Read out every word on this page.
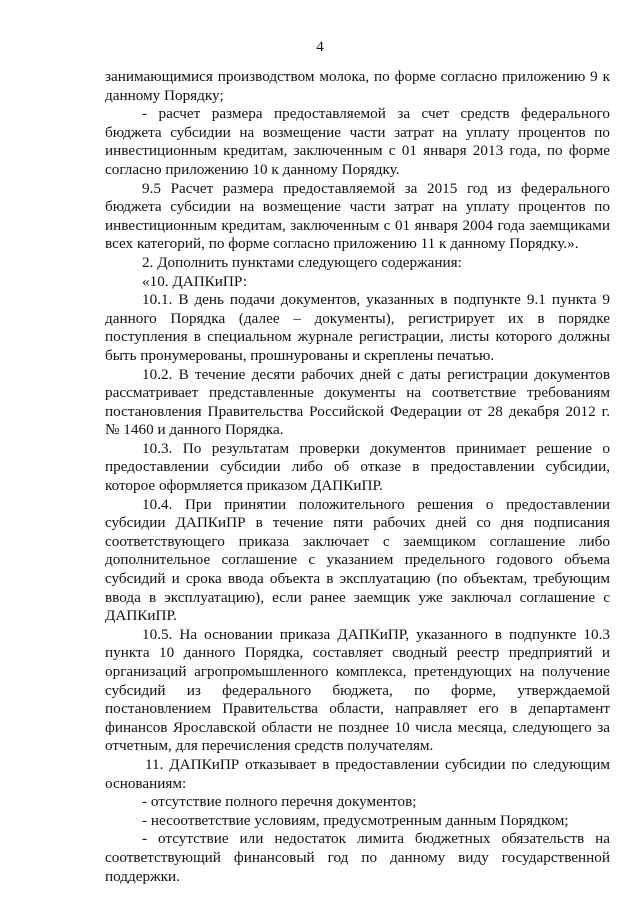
4

занимающимися производством молока, по форме согласно приложению 9 к данному Порядку;

- расчет размера предоставляемой за счет средств федерального бюджета субсидии на возмещение части затрат на уплату процентов по инвестиционным кредитам, заключенным с 01 января 2013 года, по форме согласно приложению 10 к данному Порядку.

9.5 Расчет размера предоставляемой за 2015 год из федерального бюджета субсидии на возмещение части затрат на уплату процентов по инвестиционным кредитам, заключенным с 01 января 2004 года заемщиками всех категорий, по форме согласно приложению 11 к данному Порядку.».

2. Дополнить пунктами следующего содержания:

«10. ДАПКиПР:

10.1. В день подачи документов, указанных в подпункте 9.1 пункта 9 данного Порядка (далее – документы), регистрирует их в порядке поступления в специальном журнале регистрации, листы которого должны быть пронумерованы, прошнурованы и скреплены печатью.

10.2. В течение десяти рабочих дней с даты регистрации документов рассматривает представленные документы на соответствие требованиям постановления Правительства Российской Федерации от 28 декабря 2012 г. № 1460 и данного Порядка.

10.3. По результатам проверки документов принимает решение о предоставлении субсидии либо об отказе в предоставлении субсидии, которое оформляется приказом ДАПКиПР.

10.4. При принятии положительного решения о предоставлении субсидии ДАПКиПР в течение пяти рабочих дней со дня подписания соответствующего приказа заключает с заемщиком соглашение либо дополнительное соглашение с указанием предельного годового объема субсидий и срока ввода объекта в эксплуатацию (по объектам, требующим ввода в эксплуатацию), если ранее заемщик уже заключал соглашение с ДАПКиПР.

10.5. На основании приказа ДАПКиПР, указанного в подпункте 10.3 пункта 10 данного Порядка, составляет сводный реестр предприятий и организаций агропромышленного комплекса, претендующих на получение субсидий из федерального бюджета, по форме, утверждаемой постановлением Правительства области, направляет его в департамент финансов Ярославской области не позднее 10 числа месяца, следующего за отчетным, для перечисления средств получателям.

11. ДАПКиПР отказывает в предоставлении субсидии по следующим основаниям:

- отсутствие полного перечня документов;

- несоответствие условиям, предусмотренным данным Порядком;

- отсутствие или недостаток лимита бюджетных обязательств на соответствующий финансовый год по данному виду государственной поддержки.
